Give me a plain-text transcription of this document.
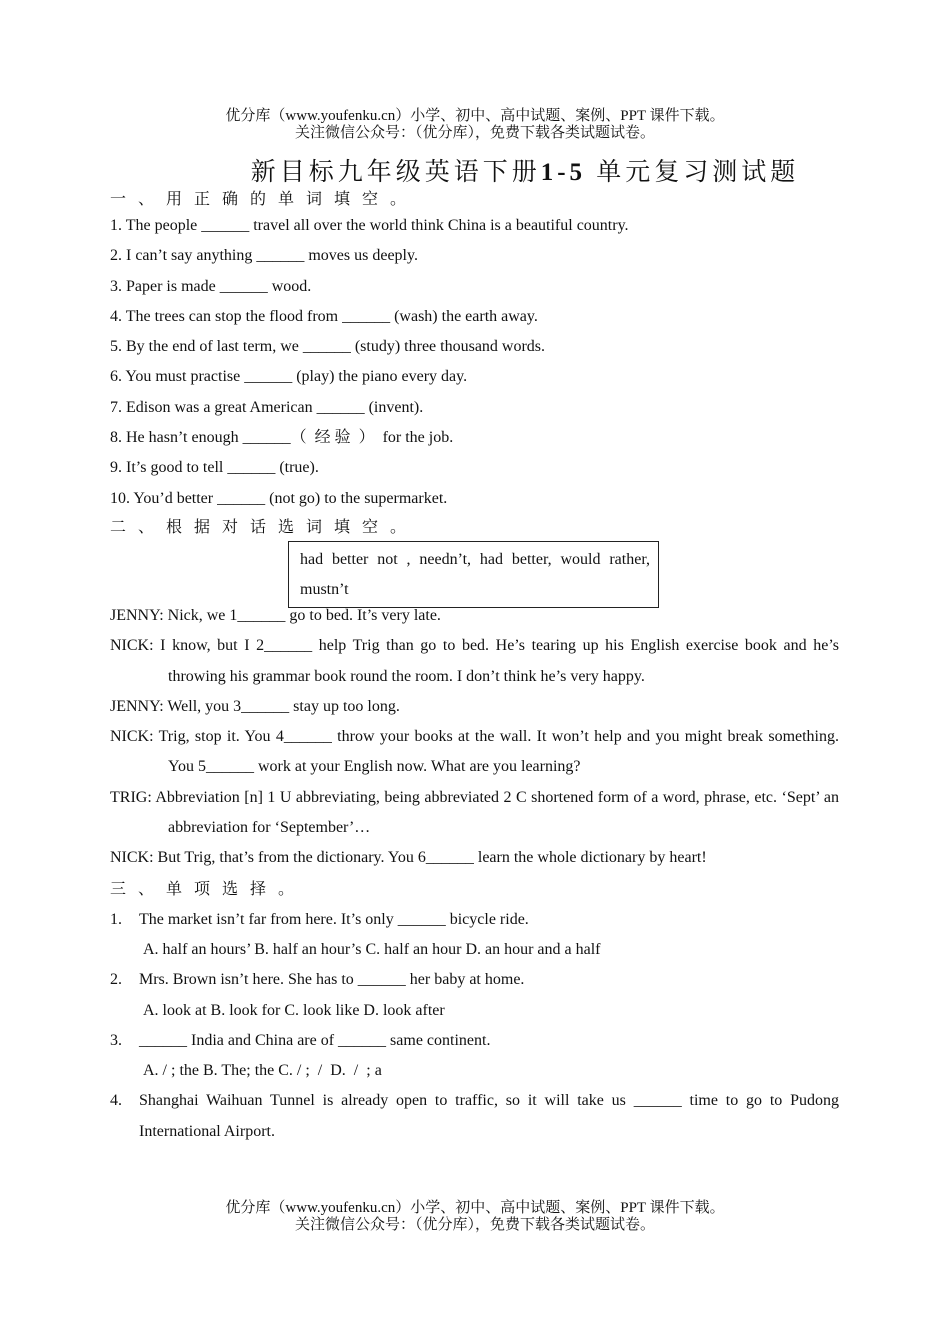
优分库（www.youfenku.cn）小学、初中、高中试题、案例、PPT 课件下载。
关注微信公众号：（优分库），免费下载各类试题试卷。
新目标九年级英语下册1-5 单元复习测试题
一、用正确的单词填空。
1. The people ______ travel all over the world think China is a beautiful country.
2. I can’t say anything ______ moves us deeply.
3. Paper is made ______ wood.
4. The trees can stop the flood from ______ (wash) the earth away.
5. By the end of last term, we ______ (study) three thousand words.
6. You must practise ______ (play) the piano every day.
7. Edison was a great American ______ (invent).
8. He hasn’t enough ______（  经 验  ）  for the job.
9. It’s good to tell ______ (true).
10. You’d better ______ (not go) to the supermarket.
二、根据对话选词填空。
had better not , needn’t, had better, would rather, mustn’t
JENNY: Nick, we 1______ go to bed. It’s very late.
NICK: I know, but I 2______ help Trig than go to bed. He’s tearing up his English exercise book and he’s throwing his grammar book round the room. I don’t think he’s very happy.
JENNY: Well, you 3______ stay up too long.
NICK: Trig, stop it. You 4______ throw your books at the wall. It won’t help and you might break something. You 5______ work at your English now. What are you learning?
TRIG: Abbreviation [n] 1 U abbreviating, being abbreviated 2 C shortened form of a word, phrase, etc. ‘Sept’ an abbreviation for ‘September’…
NICK: But Trig, that’s from the dictionary. You 6______ learn the whole dictionary by heart!
三、单项选择。
1. The market isn’t far from here. It’s only ______ bicycle ride.
A. half an hours’ B. half an hour’s C. half an hour D. an hour and a half
2. Mrs. Brown isn’t here. She has to ______ her baby at home.
A. look at B. look for C. look like D. look after
3. ______ India and China are of ______ same continent.
A. / ; the B. The; the C. / ;  /  D.  /  ; a
4. Shanghai Waihuan Tunnel is already open to traffic, so it will take us ______ time to go to Pudong International Airport.
优分库（www.youfenku.cn）小学、初中、高中试题、案例、PPT 课件下载。
关注微信公众号：（优分库），免费下载各类试题试卷。
